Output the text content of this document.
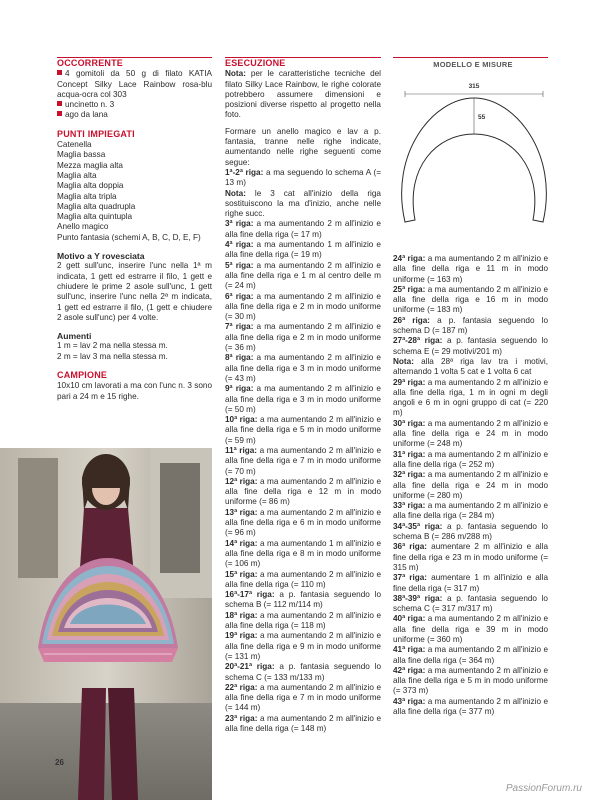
OCCORRENTE

4 gomitoli da 50 g di filato KATIA Concept Silky Lace Rainbow rosa-blu acqua-ocra col 303

uncinetto n. 3

ago da lana

PUNTI IMPIEGATI

Catenella

Maglia bassa

Mezza maglia alta

Maglia alta

Maglia alta doppia

Maglia alta tripla

Maglia alta quadrupla

Maglia alta quintupla

Anello magico

Punto fantasia (schemi A, B, C, D, E, F)

Motivo a Y rovesciata

2 gett sull'unc, inserire l'unc nella 1ª m indicata, 1 gett ed estrarre il filo, 1 gett e chiudere le prime 2 asole sull'unc, 1 gett sull'unc, inserire l'unc nella 2ª m indicata, 1 gett ed estrarre il filo, (1 gett e chiudere 2 asole sull'unc) per 4 volte.

Aumenti

1 m = lav 2 ma nella stessa m.

2 m = lav 3 ma nella stessa m.

CAMPIONE

10x10 cm lavorati a ma con l'unc n. 3 sono pari a 24 m e 15 righe.

ESECUZIONE

Nota: per le caratteristiche tecniche del filato Silky Lace Rainbow, le righe colorate potrebbero assumere dimensioni e posizioni diverse rispetto al progetto nella foto.

Formare un anello magico e lav a p. fantasia, tranne nelle righe indicate, aumentando nelle righe seguenti come segue:

1ª-2ª riga: a ma seguendo lo schema A (= 13 m)

Nota: le 3 cat all'inizio della riga sostituiscono la ma d'inizio, anche nelle righe succ.

3ª riga: a ma aumentando 2 m all'inizio e alla fine della riga (= 17 m)

4ª riga: a ma aumentando 1 m all'inizio e alla fine della riga (= 19 m)

5ª riga: a ma aumentando 2 m all'inizio e alla fine della riga e 1 m al centro delle m (= 24 m)

6ª riga: a ma aumentando 2 m all'inizio e alla fine della riga e 2 m in modo uniforme (= 30 m)

7ª riga: a ma aumentando 2 m all'inizio e alla fine della riga e 2 m in modo uniforme (= 36 m)

8ª riga: a ma aumentando 2 m all'inizio e alla fine della riga e 3 m in modo uniforme (= 43 m)

9ª riga: a ma aumentando 2 m all'inizio e alla fine della riga e 3 m in modo uniforme (= 50 m)

10ª riga: a ma aumentando 2 m all'inizio e alla fine della riga e 5 m in modo uniforme (= 59 m)

11ª riga: a ma aumentando 2 m all'inizio e alla fine della riga e 7 m in modo uniforme (= 70 m)

12ª riga: a ma aumentando 2 m all'inizio e alla fine della riga e 12 m in modo uniforme (= 86 m)

13ª riga: a ma aumentando 2 m all'inizio e alla fine della riga e 6 m in modo uniforme (= 96 m)

14ª riga: a ma aumentando 1 m all'inizio e alla fine della riga e 8 m in modo uniforme (= 106 m)

15ª riga: a ma aumentando 2 m all'inizio e alla fine della riga (= 110 m)

16ª-17ª riga: a p. fantasia seguendo lo schema B (= 112 m/114 m)

18ª riga: a ma aumentando 2 m all'inizio e alla fine della riga (= 118 m)

19ª riga: a ma aumentando 2 m all'inizio e alla fine della riga e 9 m in modo uniforme (= 131 m)

20ª-21ª riga: a p. fantasia seguendo lo schema C (= 133 m/133 m)

22ª riga: a ma aumentando 2 m all'inizio e alla fine della riga e 7 m in modo uniforme (= 144 m)

23ª riga: a ma aumentando 2 m all'inizio e alla fine della riga (= 148 m)

MODELLO E MISURE
315
55

24ª riga: a ma aumentando 2 m all'inizio e alla fine della riga e 11 m in modo uniforme (= 163 m)

25ª riga: a ma aumentando 2 m all'inizio e alla fine della riga e 16 m in modo uniforme (= 183 m)

26ª riga: a p. fantasia seguendo lo schema D (= 187 m)

27ª-28ª riga: a p. fantasia seguendo lo schema E (= 29 motivi/201 m)

Nota: alla 28ª riga lav tra i motivi, alternando 1 volta 5 cat e 1 volta 6 cat

29ª riga: a ma aumentando 2 m all'inizio e alla fine della riga, 1 m in ogni m degli angoli e 6 m in ogni gruppo di cat (= 220 m)

30ª riga: a ma aumentando 2 m all'inizio e alla fine della riga e 24 m in modo uniforme (= 248 m)

31ª riga: a ma aumentando 2 m all'inizio e alla fine della riga (= 252 m)

32ª riga: a ma aumentando 2 m all'inizio e alla fine della riga e 24 m in modo uniforme (= 280 m)

33ª riga: a ma aumentando 2 m all'inizio e alla fine della riga (= 284 m)

34ª-35ª riga: a p. fantasia seguendo lo schema B (= 286 m/288 m)

36ª riga: aumentare 2 m all'inizio e alla fine della riga e 23 m in modo uniforme (= 315 m)

37ª riga: aumentare 1 m all'inizio e alla fine della riga (= 317 m)

38ª-39ª riga: a p. fantasia seguendo lo schema C (= 317 m/317 m)

40ª riga: a ma aumentando 2 m all'inizio e alla fine della riga e 39 m in modo uniforme (= 360 m)

41ª riga: a ma aumentando 2 m all'inizio e alla fine della riga (= 364 m)

42ª riga: a ma aumentando 2 m all'inizio e alla fine della riga e 5 m in modo uniforme (= 373 m)

43ª riga: a ma aumentando 2 m all'inizio e alla fine della riga (= 377 m)

26
PassionForum.ru
